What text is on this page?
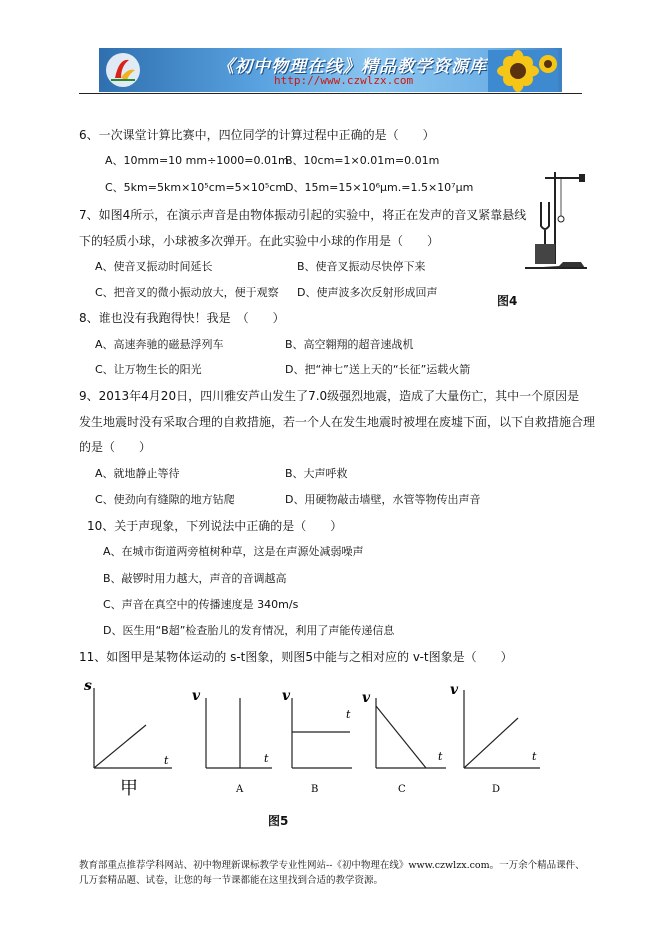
《初中物理在线》精品教学资源库
http://www.czwlzx.com
6、一次课堂计算比赛中，四位同学的计算过程中正确的是（　　）
A、10mm=10 mm÷1000=0.01m
B、10cm=1×0.01m=0.01m
C、5km=5km×10⁵cm=5×10⁵cm
D、15m=15×10⁶μm.=1.5×10⁷μm
图4
7、如图4所示，在演示声音是由物体振动引起的实验中，将正在发声的音叉紧靠悬线
下的轻质小球，小球被多次弹开。在此实验中小球的作用是（　　）
A、使音叉振动时间延长	B、使音叉振动尽快停下来
C、把音叉的微小振动放大，便于观察 D、使声波多次反射形成回声
8、谁也没有我跑得快！我是　（　　）
A、高速奔驰的磁悬浮列车	B、高空翱翔的超音速战机
C、让万物生长的阳光	D、把“神七”送上天的“长征”运载火箭
9、2013年4月20日，四川雅安芦山发生了7.0级强烈地震，造成了大量伤亡，其中一个原因是
发生地震时没有采取合理的自救措施，若一个人在发生地震时被埋在废墟下面，以下自救措施合理
的是（　　）
A、就地静止等待	B、大声呼救
C、使劲向有缝隙的地方钻爬	D、用硬物敲击墙壁，水管等物传出声音
10、关于声现象，下列说法中正确的是（　　）
A、在城市街道两旁植树种草，这是在声源处减弱噪声
B、敲锣时用力越大，声音的音调越高
C、声音在真空中的传播速度是 340m/s
D、医生用“B超”检查胎儿的发育情况，利用了声能传递信息
11、如图甲是某物体运动的 s-t图象，则图5中能与之相对应的 v-t图象是（　　）
s
t
甲
v
t
A
v
t
B
v
t
C
v
t
D
图5
教育部重点推荐学科网站、初中物理新课标教学专业性网站--《初中物理在线》www.czwlzx.com。一万余个精品课件、
几万套精品题、试卷，让您的每一节课都能在这里找到合适的教学资源。
